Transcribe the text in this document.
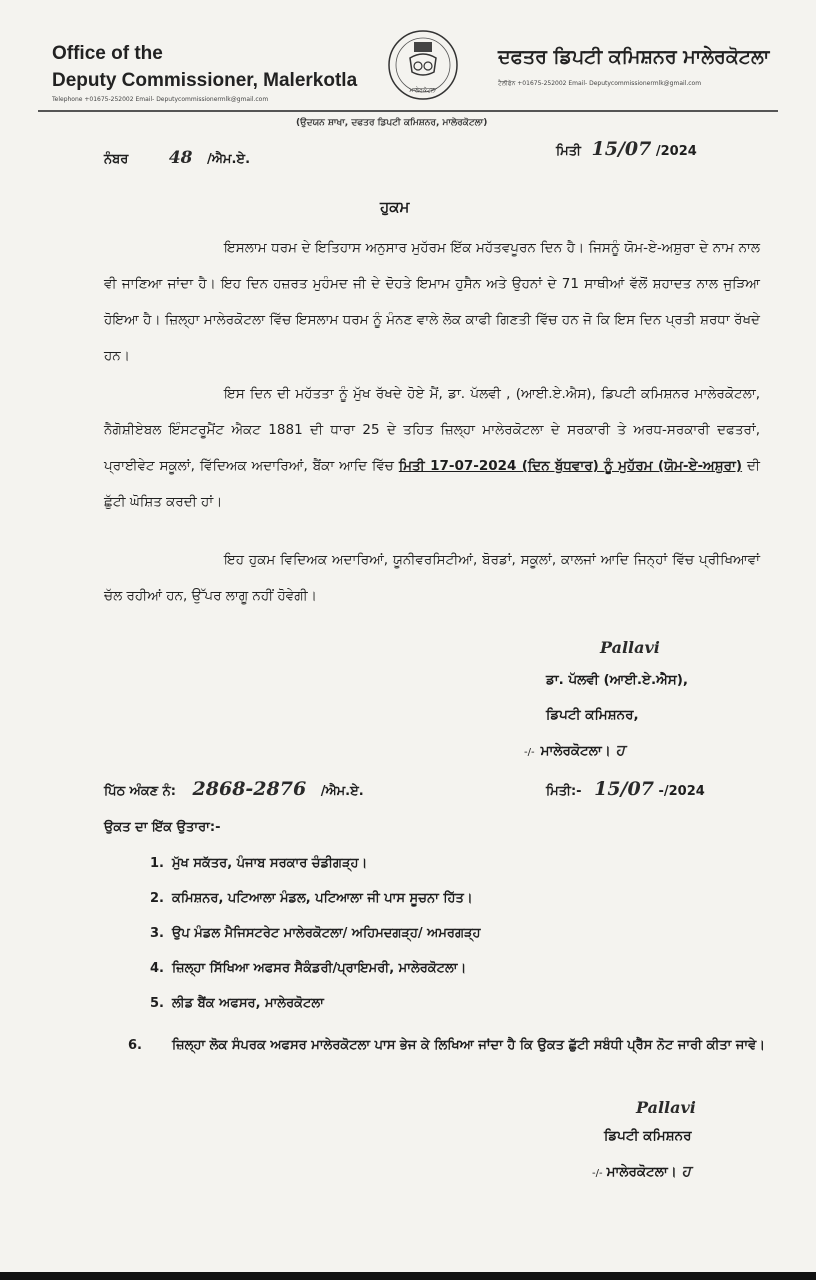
Office of the
Deputy Commissioner, Malerkotla
Telephone +01675-252002 Email- Deputycommissionermlk@gmail.com
ਮਾਲੇਰਕੋਟਲਾ
ਦਫਤਰ ਡਿਪਟੀ ਕਮਿਸ਼ਨਰ ਮਾਲੇਰਕੋਟਲਾ
ਟੈਲੀਫੋਨ +01675-252002 Email- Deputycommissionermlk@gmail.com
(ਉਦਯਨ ਸ਼ਾਖਾ, ਦਫਤਰ ਡਿਪਟੀ ਕਮਿਸ਼ਨਰ, ਮਾਲੇਰਕੋਟਲਾ)
ਨੰਬਰ 48 /ਐਮ.ਏ.
ਮਿਤੀ 15/07 /2024
ਹੁਕਮ
ਇਸਲਾਮ ਧਰਮ ਦੇ ਇਤਿਹਾਸ ਅਨੁਸਾਰ ਮੁਹੱਰਮ ਇੱਕ ਮਹੱਤਵਪੂਰਨ ਦਿਨ ਹੈ। ਜਿਸਨੂੰ ਯੋਮ-ਏ-ਅਸ਼ੁਰਾ ਦੇ ਨਾਮ ਨਾਲ ਵੀ ਜਾਣਿਆ ਜਾਂਦਾ ਹੈ। ਇਹ ਦਿਨ ਹਜ਼ਰਤ ਮੁਹੰਮਦ ਜੀ ਦੇ ਦੋਹਤੇ ਇਮਾਮ ਹੁਸੈਨ ਅਤੇ ਉਹਨਾਂ ਦੇ 71 ਸਾਥੀਆਂ ਵੱਲੋਂ ਸ਼ਹਾਦਤ ਨਾਲ ਜੁੜਿਆ ਹੋਇਆ ਹੈ। ਜ਼ਿਲ੍ਹਾ ਮਾਲੇਰਕੋਟਲਾ ਵਿੱਚ ਇਸਲਾਮ ਧਰਮ ਨੂੰ ਮੰਨਣ ਵਾਲੇ ਲੋਕ ਕਾਫੀ ਗਿਣਤੀ ਵਿੱਚ ਹਨ ਜੋ ਕਿ ਇਸ ਦਿਨ ਪ੍ਰਤੀ ਸ਼ਰਧਾ ਰੱਖਦੇ ਹਨ।
ਇਸ ਦਿਨ ਦੀ ਮਹੱਤਤਾ ਨੂੰ ਮੁੱਖ ਰੱਖਦੇ ਹੋਏ ਮੈਂ, ਡਾ. ਪੱਲਵੀ , (ਆਈ.ਏ.ਐਸ), ਡਿਪਟੀ ਕਮਿਸ਼ਨਰ ਮਾਲੇਰਕੋਟਲਾ, ਨੈਗੋਸ਼ੀਏਬਲ ਇੰਸਟਰੂਮੈਂਟ ਐਕਟ 1881 ਦੀ ਧਾਰਾ 25 ਦੇ ਤਹਿਤ ਜ਼ਿਲ੍ਹਾ ਮਾਲੇਰਕੋਟਲਾ ਦੇ ਸਰਕਾਰੀ ਤੇ ਅਰਧ-ਸਰਕਾਰੀ ਦਫਤਰਾਂ, ਪ੍ਰਾਈਵੇਟ ਸਕੂਲਾਂ, ਵਿੱਦਿਅਕ ਅਦਾਰਿਆਂ, ਬੈਂਕਾ ਆਦਿ ਵਿੱਚ ਮਿਤੀ 17-07-2024 (ਦਿਨ ਬੁੱਧਵਾਰ) ਨੂੰ ਮੁਹੱਰਮ (ਯੋਮ-ਏ-ਅਸ਼ੁਰਾ) ਦੀ ਛੁੱਟੀ ਘੋਸ਼ਿਤ ਕਰਦੀ ਹਾਂ।
ਇਹ ਹੁਕਮ ਵਿਦਿਅਕ ਅਦਾਰਿਆਂ, ਯੂਨੀਵਰਸਿਟੀਆਂ, ਬੋਰਡਾਂ, ਸਕੂਲਾਂ, ਕਾਲਜਾਂ ਆਦਿ ਜਿਨ੍ਹਾਂ ਵਿੱਚ ਪ੍ਰੀਖਿਆਵਾਂ ਚੱਲ ਰਹੀਆਂ ਹਨ, ਉੱਪਰ ਲਾਗੂ ਨਹੀਂ ਹੋਵੇਗੀ।
Pallavi
ਡਾ. ਪੱਲਵੀ (ਆਈ.ਏ.ਐਸ),
ਡਿਪਟੀ ਕਮਿਸ਼ਨਰ,
-/- ਮਾਲੇਰਕੋਟਲਾ। ਹ
ਪਿੱਠ ਅੰਕਣ ਨੰ: 2868-2876 /ਐਮ.ਏ.	ਮਿਤੀ:- 15/07 -/2024
ਉਕਤ ਦਾ ਇੱਕ ਉਤਾਰਾ:-
1. ਮੁੱਖ ਸਕੱਤਰ, ਪੰਜਾਬ ਸਰਕਾਰ ਚੰਡੀਗੜ੍ਹ।
2. ਕਮਿਸ਼ਨਰ, ਪਟਿਆਲਾ ਮੰਡਲ, ਪਟਿਆਲਾ ਜੀ ਪਾਸ ਸੂਚਨਾ ਹਿੱਤ।
3. ਉਪ ਮੰਡਲ ਮੈਜਿਸਟਰੇਟ ਮਾਲੇਰਕੋਟਲਾ/ ਅਹਿਮਦਗੜ੍ਹ/ ਅਮਰਗੜ੍ਹ
4. ਜ਼ਿਲ੍ਹਾ ਸਿੱਖਿਆ ਅਫਸਰ ਸੈਕੰਡਰੀ/ਪ੍ਰਾਇਮਰੀ, ਮਾਲੇਰਕੋਟਲਾ।
5. ਲੀਡ ਬੈਂਕ ਅਫਸਰ, ਮਾਲੇਰਕੋਟਲਾ
6. ਜ਼ਿਲ੍ਹਾ ਲੋਕ ਸੰਪਰਕ ਅਫਸਰ ਮਾਲੇਰਕੋਟਲਾ ਪਾਸ ਭੇਜ ਕੇ ਲਿਖਿਆ ਜਾਂਦਾ ਹੈ ਕਿ ਉਕਤ ਛੁੱਟੀ ਸਬੰਧੀ ਪ੍ਰੈੱਸ ਨੋਟ ਜਾਰੀ ਕੀਤਾ ਜਾਵੇ।
Pallavi
ਡਿਪਟੀ ਕਮਿਸ਼ਨਰ
-/- ਮਾਲੇਰਕੋਟਲਾ। ਹ
